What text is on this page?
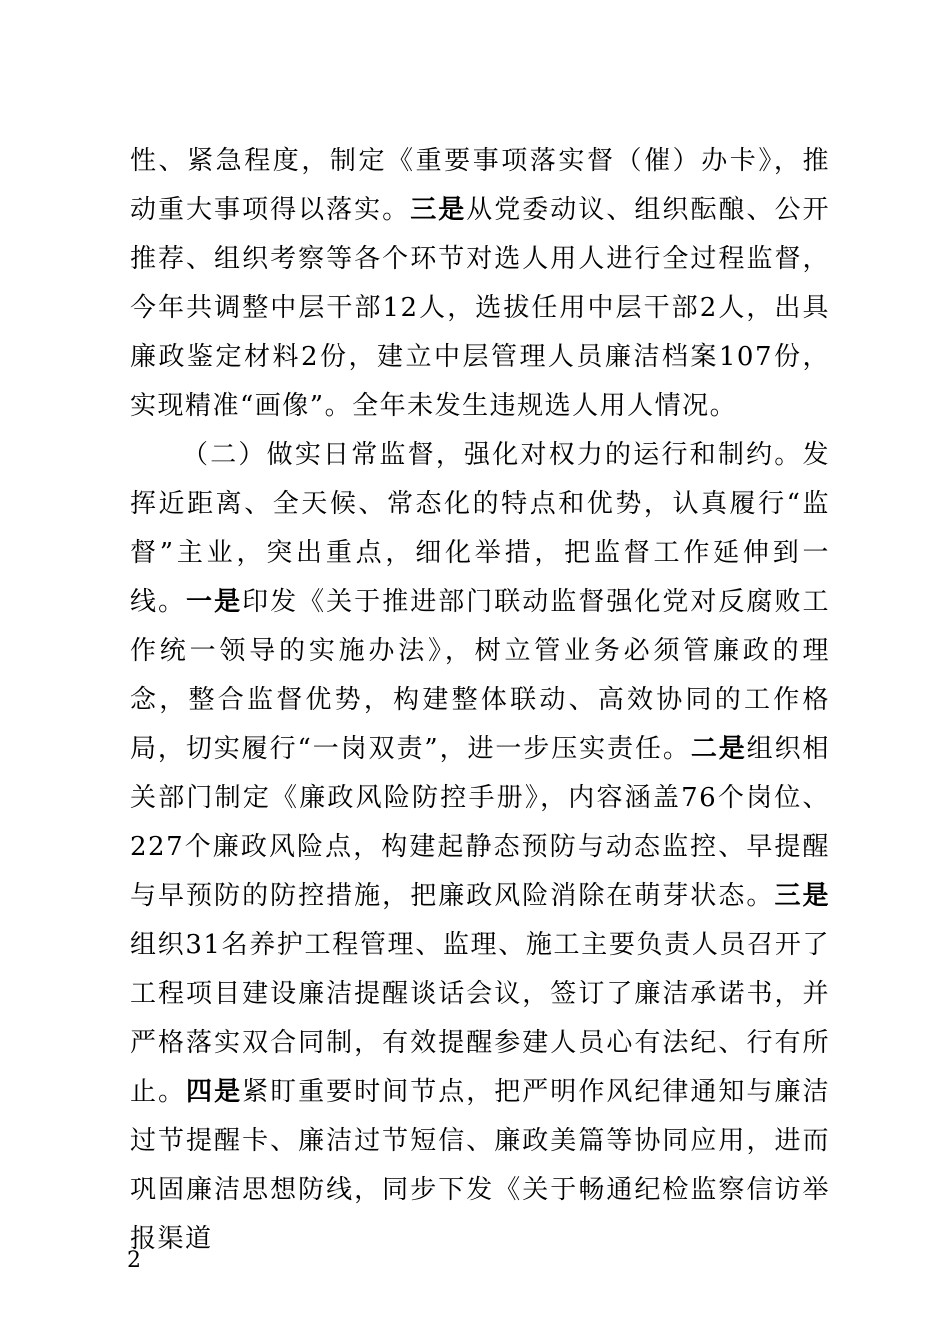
性、紧急程度，制定《重要事项落实督（催）办卡》，推动重大事项得以落实。三是从党委动议、组织酝酿、公开推荐、组织考察等各个环节对选人用人进行全过程监督，今年共调整中层干部12人，选拔任用中层干部2人，出具廉政鉴定材料2份，建立中层管理人员廉洁档案107份，实现精准“画像”。全年未发生违规选人用人情况。

（二）做实日常监督，强化对权力的运行和制约。发挥近距离、全天候、常态化的特点和优势，认真履行“监督”主业，突出重点，细化举措，把监督工作延伸到一线。一是印发《关于推进部门联动监督强化党对反腐败工作统一领导的实施办法》，树立管业务必须管廉政的理念，整合监督优势，构建整体联动、高效协同的工作格局，切实履行“一岗双责”，进一步压实责任。二是组织相关部门制定《廉政风险防控手册》，内容涵盖76个岗位、227个廉政风险点，构建起静态预防与动态监控、早提醒与早预防的防控措施，把廉政风险消除在萌芽状态。三是组织31名养护工程管理、监理、施工主要负责人员召开了工程项目建设廉洁提醒谈话会议，签订了廉洁承诺书，并严格落实双合同制，有效提醒参建人员心有法纪、行有所止。四是紧盯重要时间节点，把严明作风纪律通知与廉洁过节提醒卡、廉洁过节短信、廉政美篇等协同应用，进而巩固廉洁思想防线，同步下发《关于畅通纪检监察信访举报渠道

2
